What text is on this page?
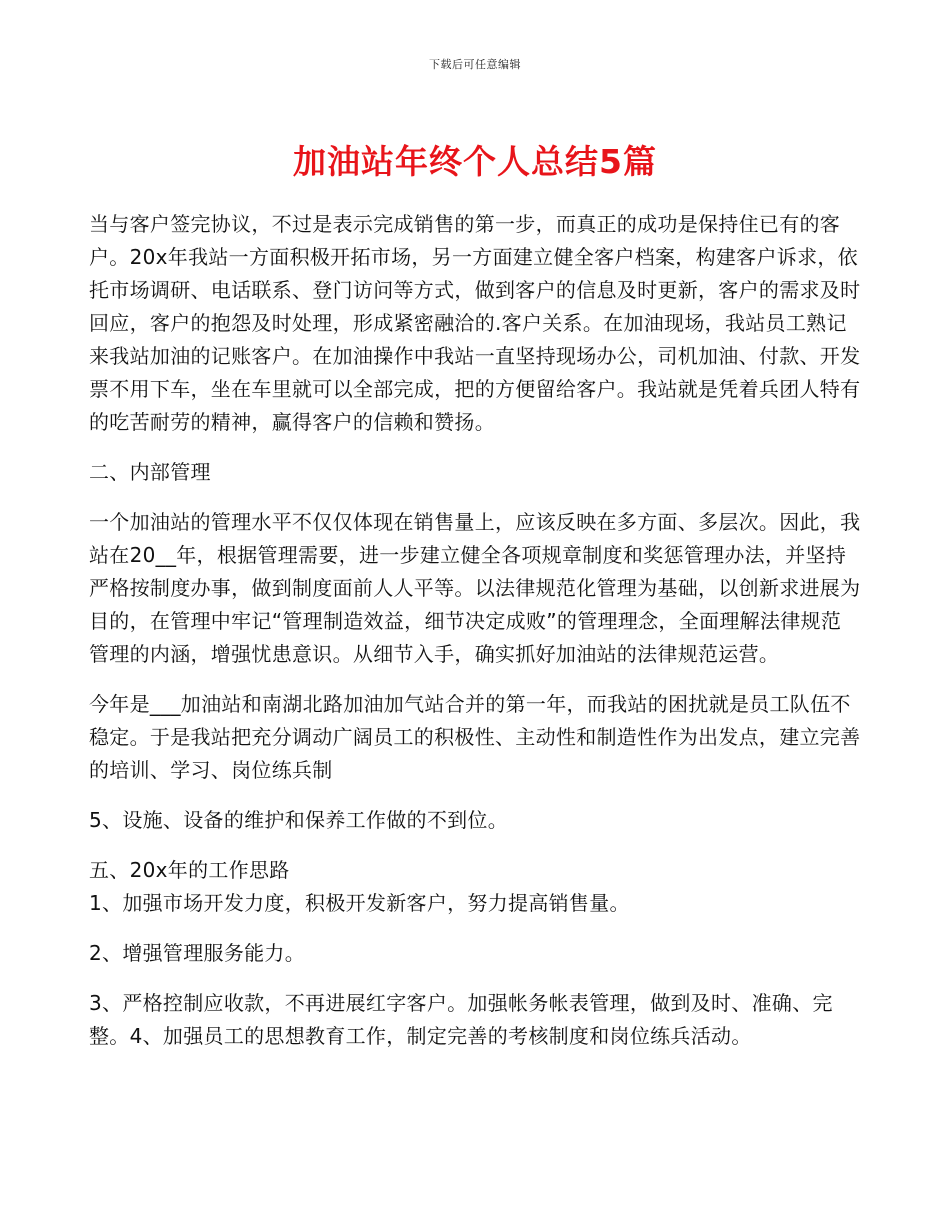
下载后可任意编辑
加油站年终个人总结5篇

当与客户签完协议，不过是表示完成销售的第一步，而真正的成功是保持住已有的客户。20x年我站一方面积极开拓市场，另一方面建立健全客户档案，构建客户诉求，依托市场调研、电话联系、登门访问等方式，做到客户的信息及时更新，客户的需求及时回应，客户的抱怨及时处理，形成紧密融洽的.客户关系。在加油现场，我站员工熟记来我站加油的记账客户。在加油操作中我站一直坚持现场办公，司机加油、付款、开发票不用下车，坐在车里就可以全部完成，把的方便留给客户。我站就是凭着兵团人特有的吃苦耐劳的精神，赢得客户的信赖和赞扬。

二、内部管理

一个加油站的管理水平不仅仅体现在销售量上，应该反映在多方面、多层次。因此，我站在20__年，根据管理需要，进一步建立健全各项规章制度和奖惩管理办法，并坚持严格按制度办事，做到制度面前人人平等。以法律规范化管理为基础，以创新求进展为目的，在管理中牢记“管理制造效益，细节决定成败”的管理理念，全面理解法律规范管理的内涵，增强忧患意识。从细节入手，确实抓好加油站的法律规范运营。

今年是___加油站和南湖北路加油加气站合并的第一年，而我站的困扰就是员工队伍不稳定。于是我站把充分调动广阔员工的积极性、主动性和制造性作为出发点，建立完善的培训、学习、岗位练兵制

5、设施、设备的维护和保养工作做的不到位。

五、20x年的工作思路

1、加强市场开发力度，积极开发新客户，努力提高销售量。

2、增强管理服务能力。

3、严格控制应收款，不再进展红字客户。加强帐务帐表管理，做到及时、准确、完整。4、加强员工的思想教育工作，制定完善的考核制度和岗位练兵活动。
